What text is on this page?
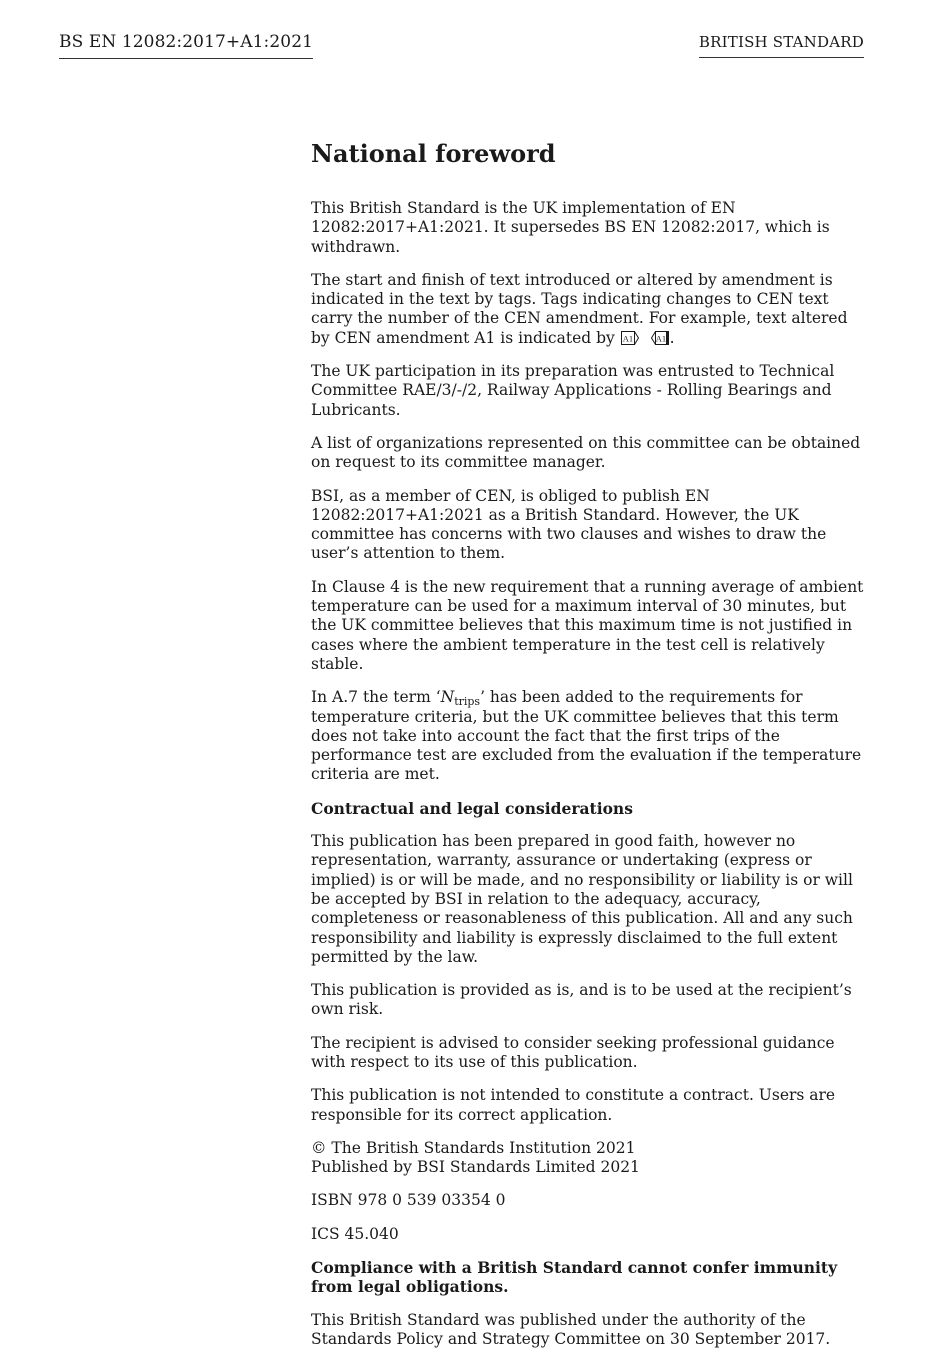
BS EN 12082:2017+A1:2021	BRITISH STANDARD
National foreword

This British Standard is the UK implementation of EN 12082:2017+A1:2021. It supersedes BS EN 12082:2017, which is withdrawn.

The start and finish of text introduced or altered by amendment is indicated in the text by tags. Tags indicating changes to CEN text carry the number of the CEN amendment. For example, text altered by CEN amendment A1 is indicated by A1
	A1 .

The UK participation in its preparation was entrusted to Technical Committee RAE/3/-/2, Railway Applications - Rolling Bearings and Lubricants.

A list of organizations represented on this committee can be obtained on request to its committee manager.

BSI, as a member of CEN, is obliged to publish EN 12082:2017+A1:2021 as a British Standard. However, the UK committee has concerns with two clauses and wishes to draw the user’s attention to them.

In Clause 4 is the new requirement that a running average of ambient temperature can be used for a maximum interval of 30 minutes, but the UK committee believes that this maximum time is not justified in cases where the ambient temperature in the test cell is relatively stable.

In A.7 the term ‘$N_{trips}$’ has been added to the requirements for temperature criteria, but the UK committee believes that this term does not take into account the fact that the first trips of the performance test are excluded from the evaluation if the temperature criteria are met.

Contractual and legal considerations

This publication has been prepared in good faith, however no representation, warranty, assurance or undertaking (express or implied) is or will be made, and no responsibility or liability is or will be accepted by BSI in relation to the adequacy, accuracy, completeness or reasonableness of this publication. All and any such responsibility and liability is expressly disclaimed to the full extent permitted by the law.

This publication is provided as is, and is to be used at the recipient’s own risk.

The recipient is advised to consider seeking professional guidance with respect to its use of this publication.

This publication is not intended to constitute a contract. Users are responsible for its correct application.

© The British Standards Institution 2021
Published by BSI Standards Limited 2021

ISBN 978 0 539 03354 0

ICS 45.040

Compliance with a British Standard cannot confer immunity from legal obligations.

This British Standard was published under the authority of the Standards Policy and Strategy Committee on 30 September 2017.
